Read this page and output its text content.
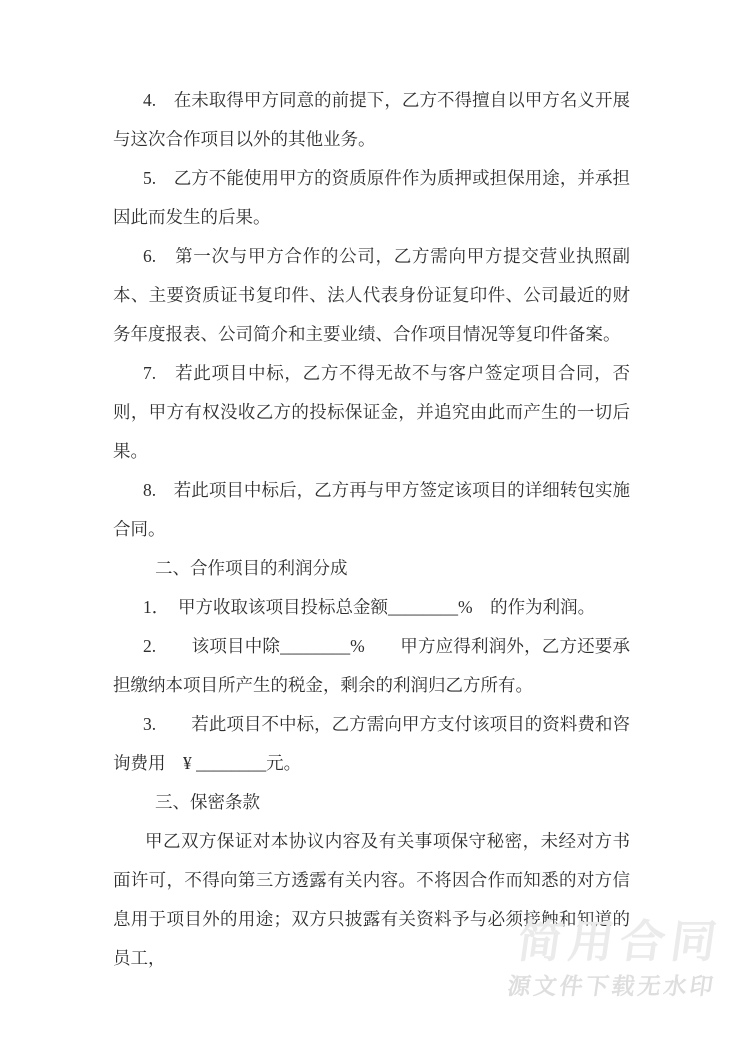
4.　在未取得甲方同意的前提下，乙方不得擅自以甲方名义开展与这次合作项目以外的其他业务。

5.　乙方不能使用甲方的资质原件作为质押或担保用途，并承担因此而发生的后果。

6.　第一次与甲方合作的公司，乙方需向甲方提交营业执照副本、主要资质证书复印件、法人代表身份证复印件、公司最近的财务年度报表、公司简介和主要业绩、合作项目情况等复印件备案。

7.　若此项目中标，乙方不得无故不与客户签定项目合同，否则，甲方有权没收乙方的投标保证金，并追究由此而产生的一切后果。

8.　若此项目中标后，乙方再与甲方签定该项目的详细转包实施合同。

二、合作项目的利润分成

1．　甲方收取该项目投标总金额________%　的作为利润。

2.　　该项目中除________%　　甲方应得利润外，乙方还要承担缴纳本项目所产生的税金，剩余的利润归乙方所有。

3.　　若此项目不中标，乙方需向甲方支付该项目的资料费和咨询费用　¥ ________元。

三、保密条款

甲乙双方保证对本协议内容及有关事项保守秘密，未经对方书面许可，不得向第三方透露有关内容。不将因合作而知悉的对方信息用于项目外的用途；双方只披露有关资料予与必须接触和知道的员工，	简用合同
源文件下载无水印
